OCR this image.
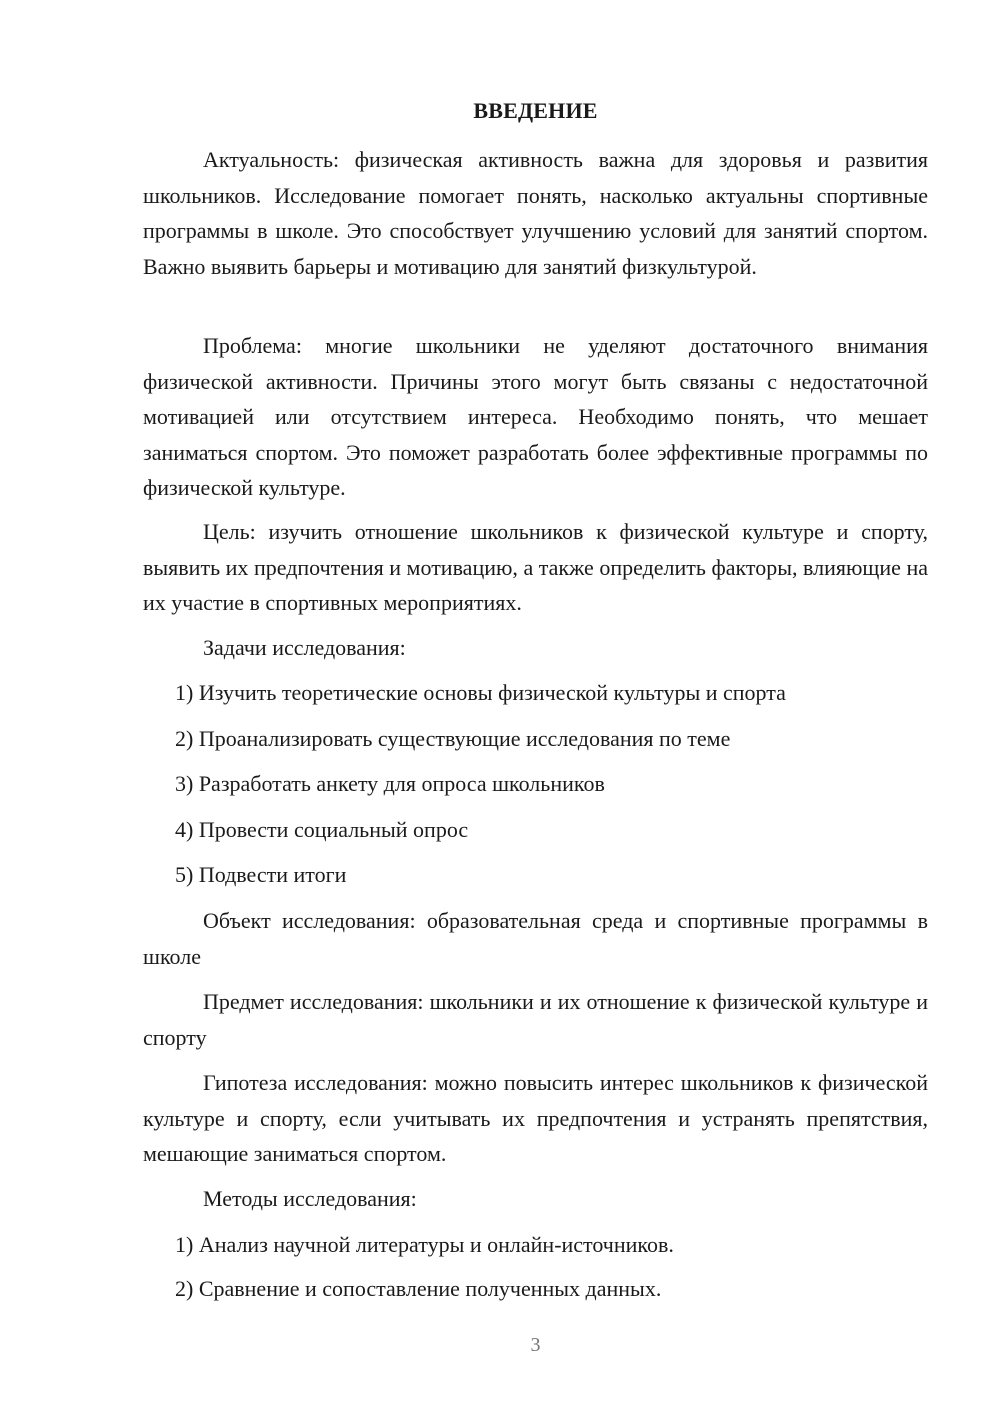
ВВЕДЕНИЕ

Актуальность: физическая активность важна для здоровья и развития школьников. Исследование помогает понять, насколько актуальны спортивные программы в школе. Это способствует улучшению условий для занятий спортом. Важно выявить барьеры и мотивацию для занятий физкультурой.

Проблема: многие школьники не уделяют достаточного внимания физической активности. Причины этого могут быть связаны с недостаточной мотивацией или отсутствием интереса. Необходимо понять, что мешает заниматься спортом. Это поможет разработать более эффективные программы по физической культуре.

Цель: изучить отношение школьников к физической культуре и спорту, выявить их предпочтения и мотивацию, а также определить факторы, влияющие на их участие в спортивных мероприятиях.

Задачи исследования:

1) Изучить теоретические основы физической культуры и спорта

2) Проанализировать существующие исследования по теме

3) Разработать анкету для опроса школьников

4) Провести социальный опрос

5) Подвести итоги

Объект исследования: образовательная среда и спортивные программы в школе

Предмет исследования: школьники и их отношение к физической культуре и спорту

Гипотеза исследования: можно повысить интерес школьников к физической культуре и спорту, если учитывать их предпочтения и устранять препятствия, мешающие заниматься спортом.

Методы исследования:

1) Анализ научной литературы и онлайн-источников.

2) Сравнение и сопоставление полученных данных.

3
